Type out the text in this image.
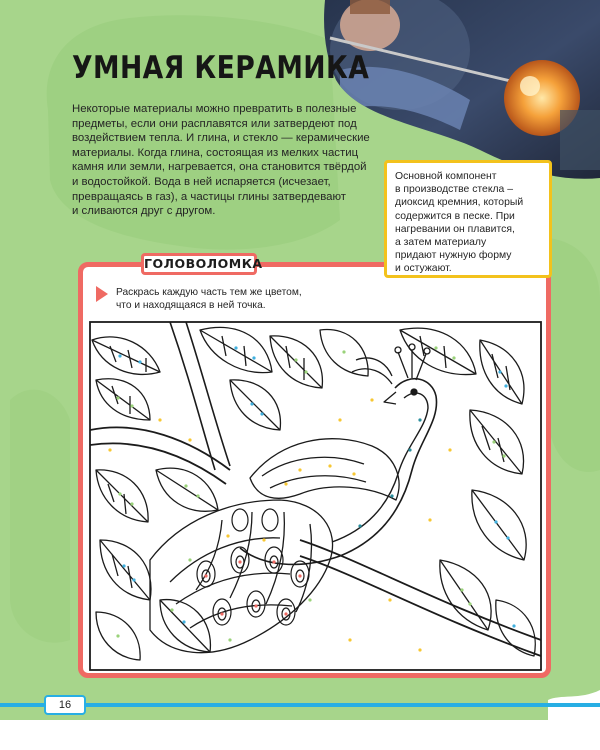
УМНАЯ КЕРАМИКА
Некоторые материалы можно превратить в полезные
предметы, если они расплавятся или затвердеют под
воздействием тепла. И глина, и стекло — керамические
материалы. Когда глина, состоящая из мелких частиц
камня или земли, нагревается, она становится твёрдой
и водостойкой. Вода в ней испаряется (исчезает,
превращаясь в газ), а частицы глины затвердевают
и сливаются друг с другом.
Основной компонент
в производстве стекла –
диоксид кремния, который
содержится в песке. При
нагревании он плавится,
а затем материалу
придают нужную форму
и остужают.
ГОЛОВОЛОМКА
Раскрась каждую часть тем же цветом,
что и находящаяся в ней точка.
16
